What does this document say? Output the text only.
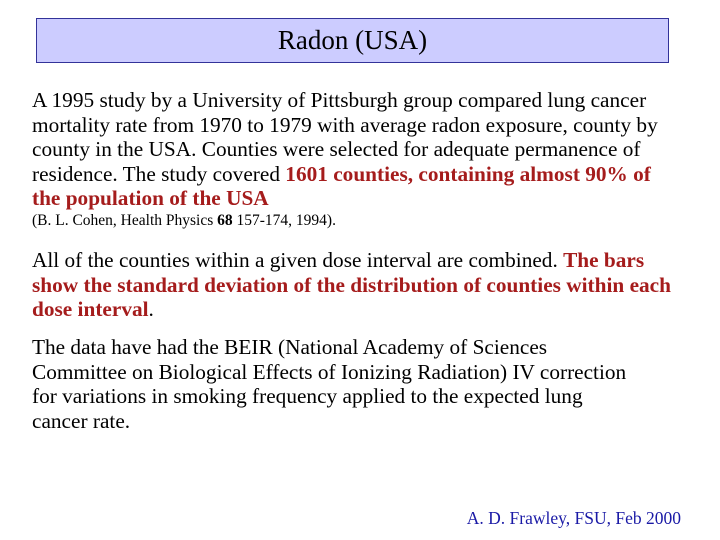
Radon (USA)
A 1995 study by a University of Pittsburgh group compared lung cancer mortality rate from 1970 to 1979 with average radon exposure, county by county in the USA. Counties were selected for adequate permanence of residence. The study covered 1601 counties, containing almost 90% of the population of the USA
(B. L. Cohen, Health Physics 68 157-174, 1994).
All of the counties within a given dose interval are combined. The bars show the standard deviation of the distribution of counties within each dose interval.
The data have had the BEIR (National Academy of Sciences Committee on Biological Effects of Ionizing Radiation) IV correction for variations in smoking frequency applied to the expected lung cancer rate.
A. D. Frawley, FSU, Feb 2000
